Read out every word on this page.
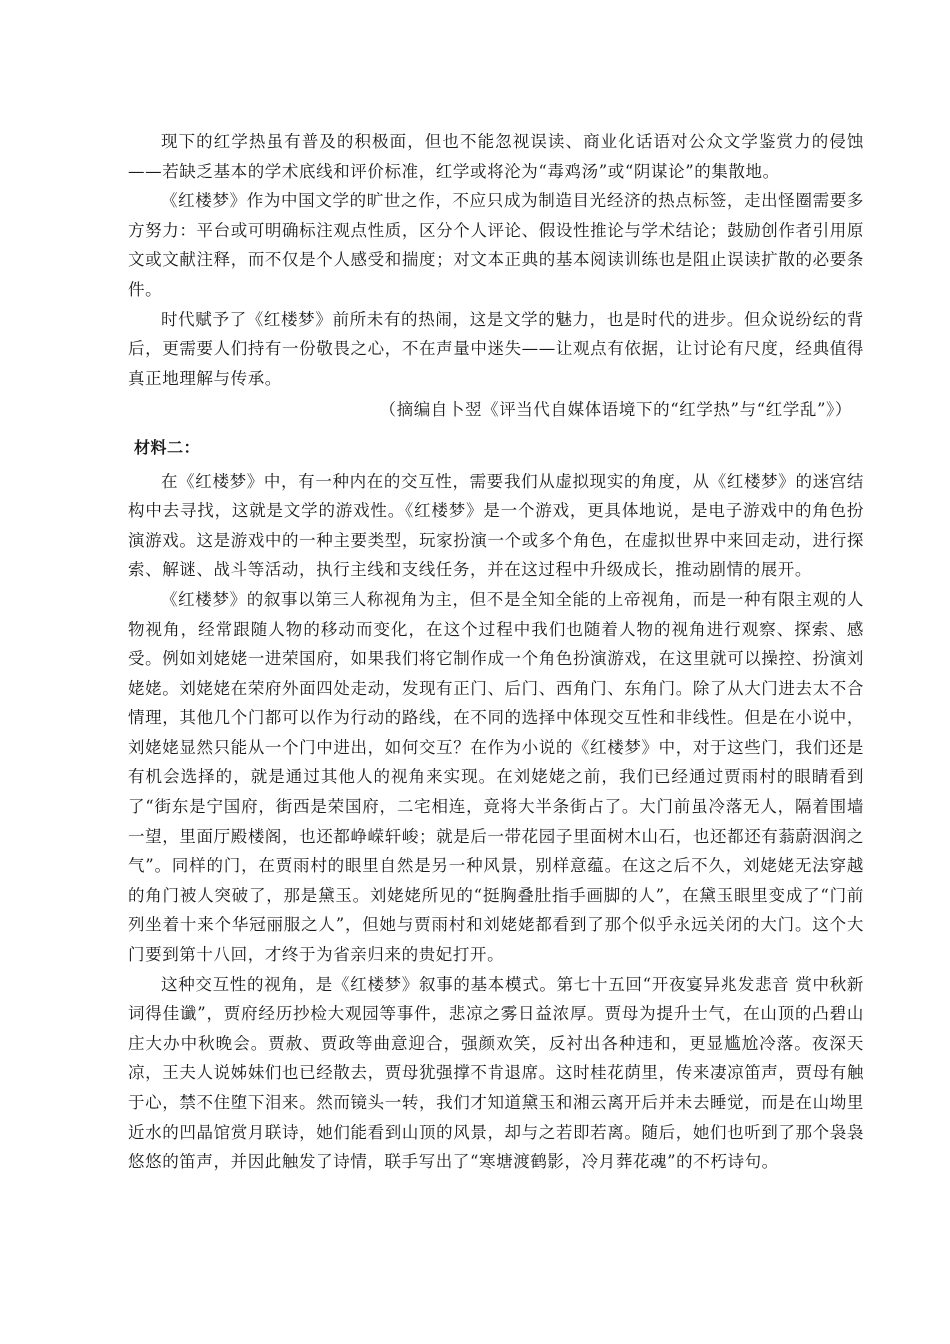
现下的红学热虽有普及的积极面，但也不能忽视误读、商业化话语对公众文学鉴赏力的侵蚀——若缺乏基本的学术底线和评价标准，红学或将沦为“毒鸡汤”或“阴谋论”的集散地。

《红楼梦》作为中国文学的旷世之作，不应只成为制造目光经济的热点标签，走出怪圈需要多方努力：平台或可明确标注观点性质，区分个人评论、假设性推论与学术结论；鼓励创作者引用原文或文献注释，而不仅是个人感受和揣度；对文本正典的基本阅读训练也是阻止误读扩散的必要条件。

时代赋予了《红楼梦》前所未有的热闹，这是文学的魅力，也是时代的进步。但众说纷纭的背后，更需要人们持有一份敬畏之心，不在声量中迷失——让观点有依据，让讨论有尺度，经典值得真正地理解与传承。

（摘编自卜翌《评当代自媒体语境下的“红学热”与“红学乱”》）

材料二：

在《红楼梦》中，有一种内在的交互性，需要我们从虚拟现实的角度，从《红楼梦》的迷宫结构中去寻找，这就是文学的游戏性。《红楼梦》是一个游戏，更具体地说，是电子游戏中的角色扮演游戏。这是游戏中的一种主要类型，玩家扮演一个或多个角色，在虚拟世界中来回走动，进行探索、解谜、战斗等活动，执行主线和支线任务，并在这过程中升级成长，推动剧情的展开。

《红楼梦》的叙事以第三人称视角为主，但不是全知全能的上帝视角，而是一种有限主观的人物视角，经常跟随人物的移动而变化，在这个过程中我们也随着人物的视角进行观察、探索、感受。例如刘姥姥一进荣国府，如果我们将它制作成一个角色扮演游戏，在这里就可以操控、扮演刘姥姥。刘姥姥在荣府外面四处走动，发现有正门、后门、西角门、东角门。除了从大门进去太不合情理，其他几个门都可以作为行动的路线，在不同的选择中体现交互性和非线性。但是在小说中，刘姥姥显然只能从一个门中进出，如何交互？在作为小说的《红楼梦》中，对于这些门，我们还是有机会选择的，就是通过其他人的视角来实现。在刘姥姥之前，我们已经通过贾雨村的眼睛看到了“街东是宁国府，街西是荣国府，二宅相连，竟将大半条街占了。大门前虽冷落无人，隔着围墙一望，里面厅殿楼阁，也还都峥嵘轩峻；就是后一带花园子里面树木山石，也还都还有蓊蔚洇润之气”。同样的门，在贾雨村的眼里自然是另一种风景，别样意蕴。在这之后不久，刘姥姥无法穿越的角门被人突破了，那是黛玉。刘姥姥所见的“挺胸叠肚指手画脚的人”，在黛玉眼里变成了“门前列坐着十来个华冠丽服之人”，但她与贾雨村和刘姥姥都看到了那个似乎永远关闭的大门。这个大门要到第十八回，才终于为省亲归来的贵妃打开。

这种交互性的视角，是《红楼梦》叙事的基本模式。第七十五回“开夜宴异兆发悲音 赏中秋新词得佳谶”，贾府经历抄检大观园等事件，悲凉之雾日益浓厚。贾母为提升士气，在山顶的凸碧山庄大办中秋晚会。贾赦、贾政等曲意迎合，强颜欢笑，反衬出各种违和，更显尴尬冷落。夜深天凉，王夫人说姊妹们也已经散去，贾母犹强撑不肯退席。这时桂花荫里，传来凄凉笛声，贾母有触于心，禁不住堕下泪来。然而镜头一转，我们才知道黛玉和湘云离开后并未去睡觉，而是在山坳里近水的凹晶馆赏月联诗，她们能看到山顶的风景，却与之若即若离。随后，她们也听到了那个袅袅悠悠的笛声，并因此触发了诗情，联手写出了“寒塘渡鹤影，冷月葬花魂”的不朽诗句。
